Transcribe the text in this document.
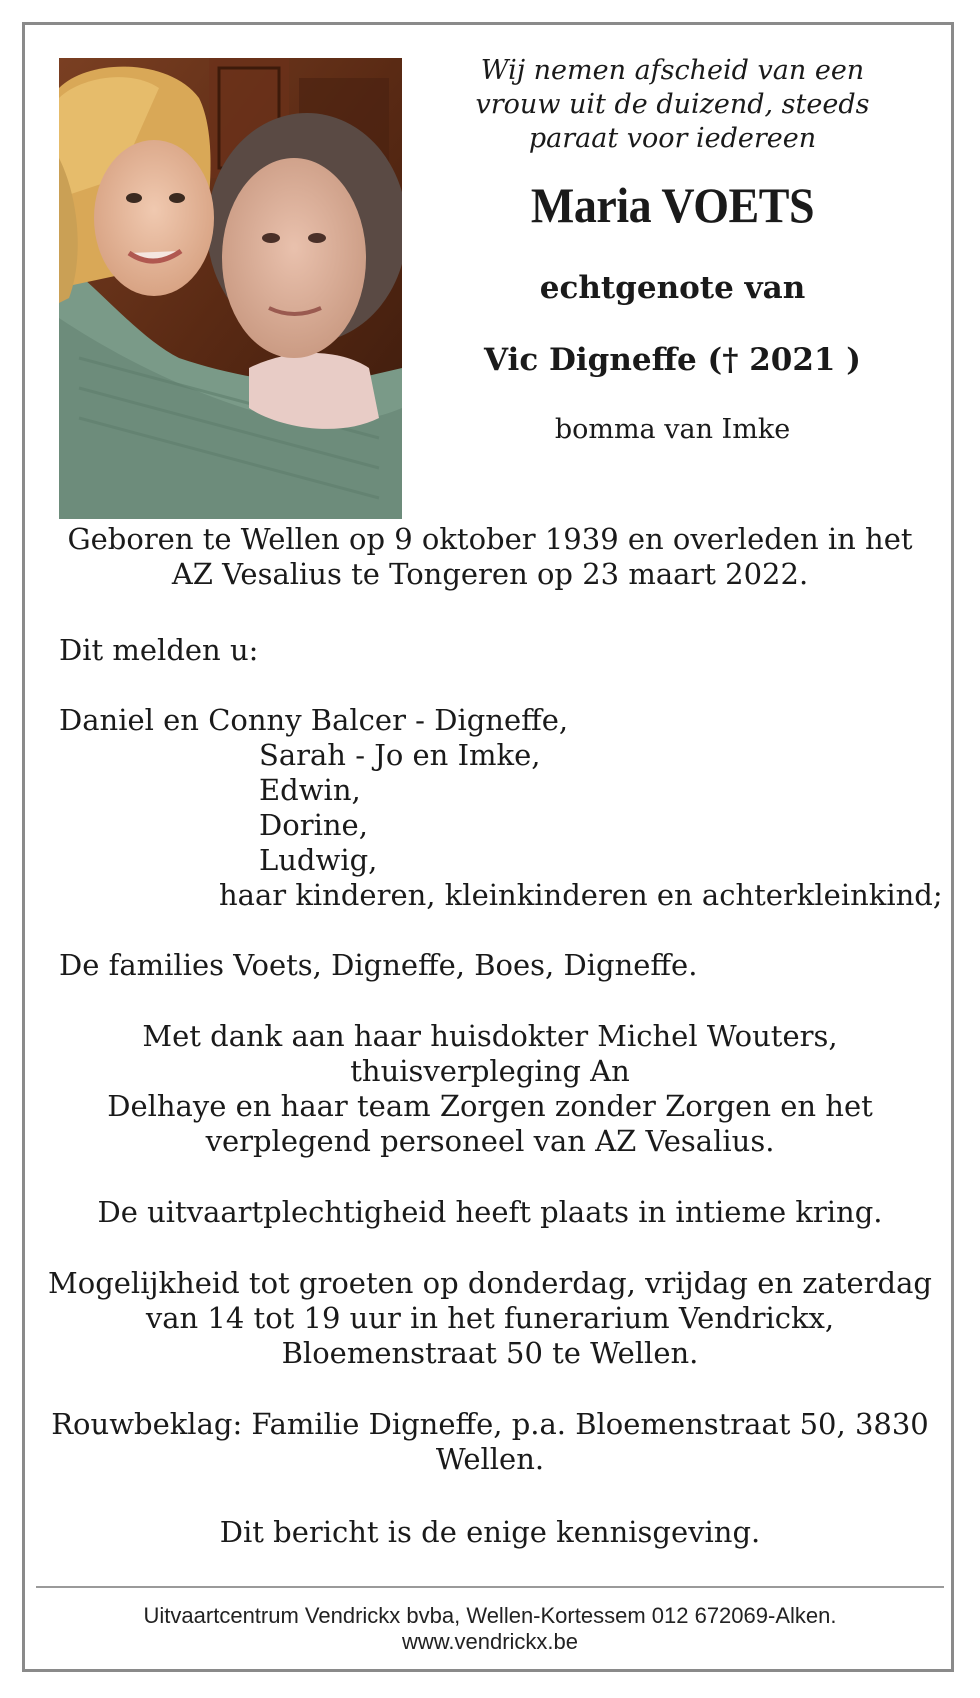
Wij nemen afscheid van een
vrouw uit de duizend, steeds
paraat voor iedereen

Maria VOETS
echtgenote van
Vic Digneffe († 2021 )
bomma van Imke
Geboren te Wellen op 9 oktober 1939 en overleden in het
AZ Vesalius te Tongeren op 23 maart 2022.
Dit melden u:
Daniel en Conny Balcer - Digneffe,
Sarah - Jo en Imke,
Edwin,
Dorine,
Ludwig,
haar kinderen, kleinkinderen en achterkleinkind;
De families Voets, Digneffe, Boes, Digneffe.
Met dank aan haar huisdokter Michel Wouters,
thuisverpleging An
Delhaye en haar team Zorgen zonder Zorgen en het
verplegend personeel van AZ Vesalius.
De uitvaartplechtigheid heeft plaats in intieme kring.
Mogelijkheid tot groeten op donderdag, vrijdag en zaterdag
van 14 tot 19 uur in het funerarium Vendrickx,
Bloemenstraat 50 te Wellen.
Rouwbeklag: Familie Digneffe, p.a. Bloemenstraat 50, 3830
Wellen.
Dit bericht is de enige kennisgeving.
Uitvaartcentrum Vendrickx bvba, Wellen-Kortessem 012 672069-Alken.
www.vendrickx.be
